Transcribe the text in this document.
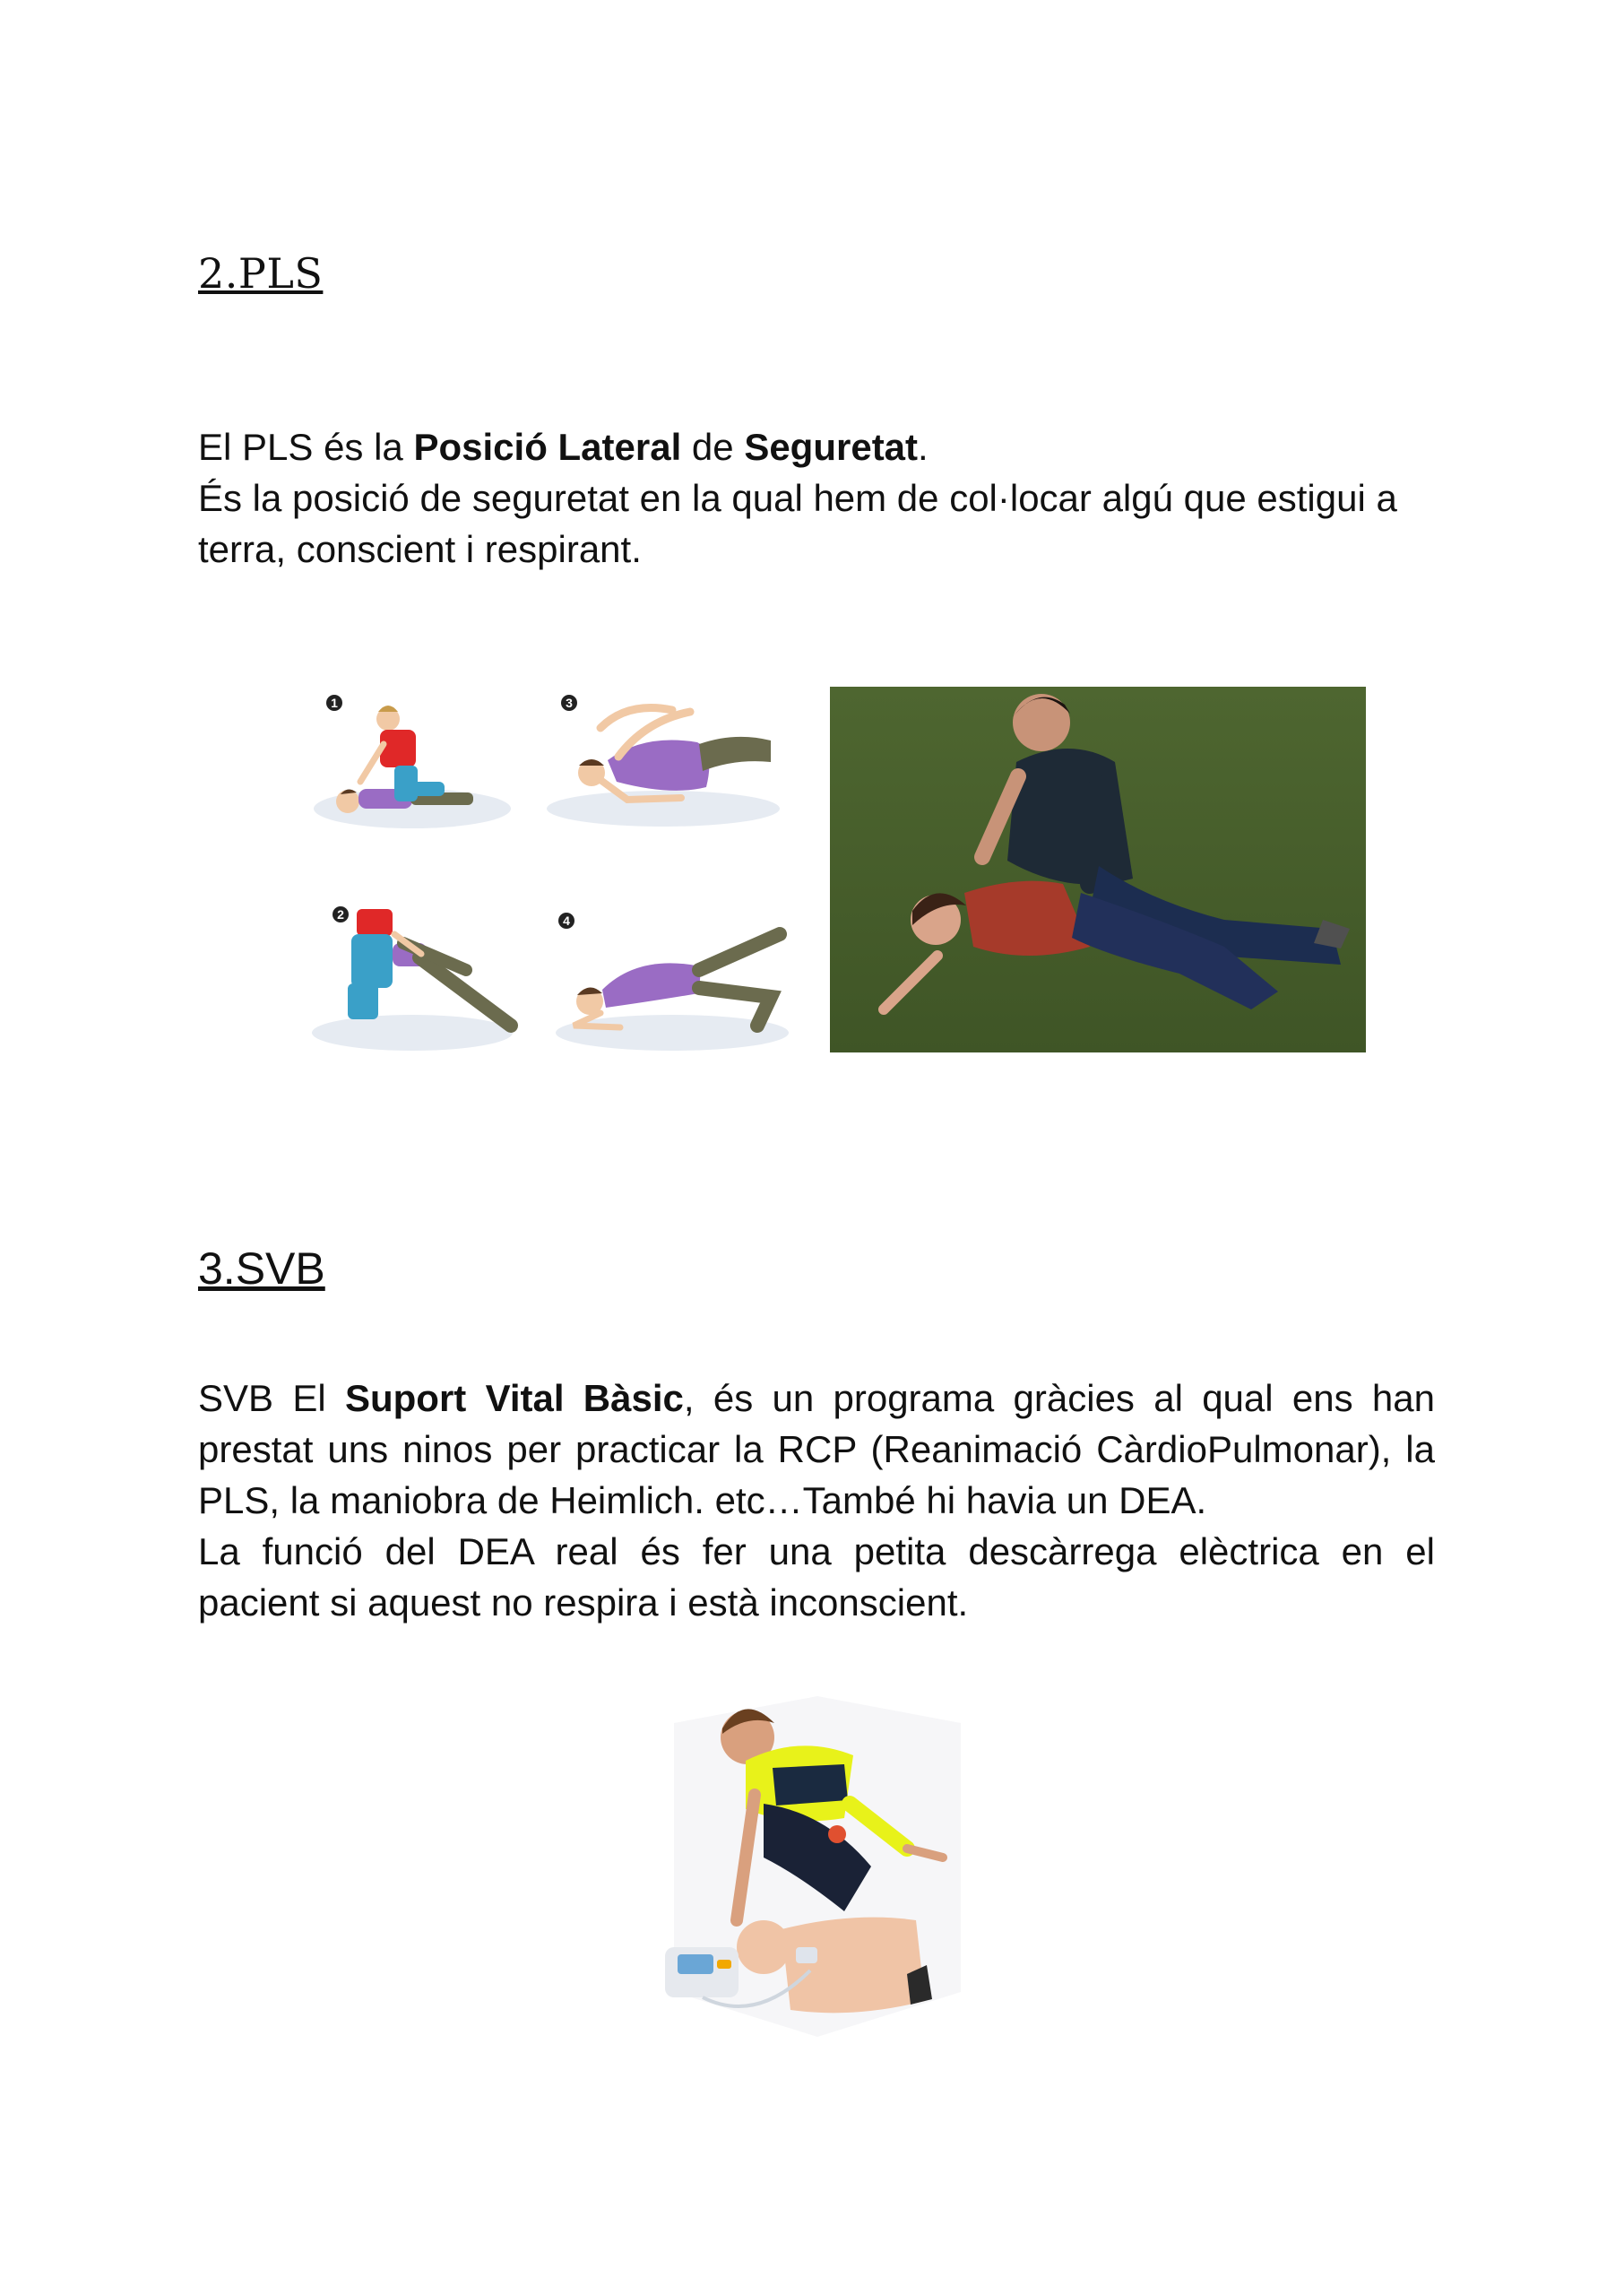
2.PLS

El PLS és la Posició Lateral de Seguretat.
És la posició de seguretat en la qual hem de col·locar algú que estigui a
terra, conscient i respirant.

1	3
2	4
3.SVB
SVB El Suport Vital Bàsic, és un programa gràcies al qual ens han
prestat uns ninos per practicar la RCP (Reanimació CàrdioPulmonar), la
PLS, la maniobra de Heimlich. etc…També hi havia un DEA.
La funció del DEA real és fer una petita descàrrega elèctrica en el
pacient si aquest no respira i està inconscient.
